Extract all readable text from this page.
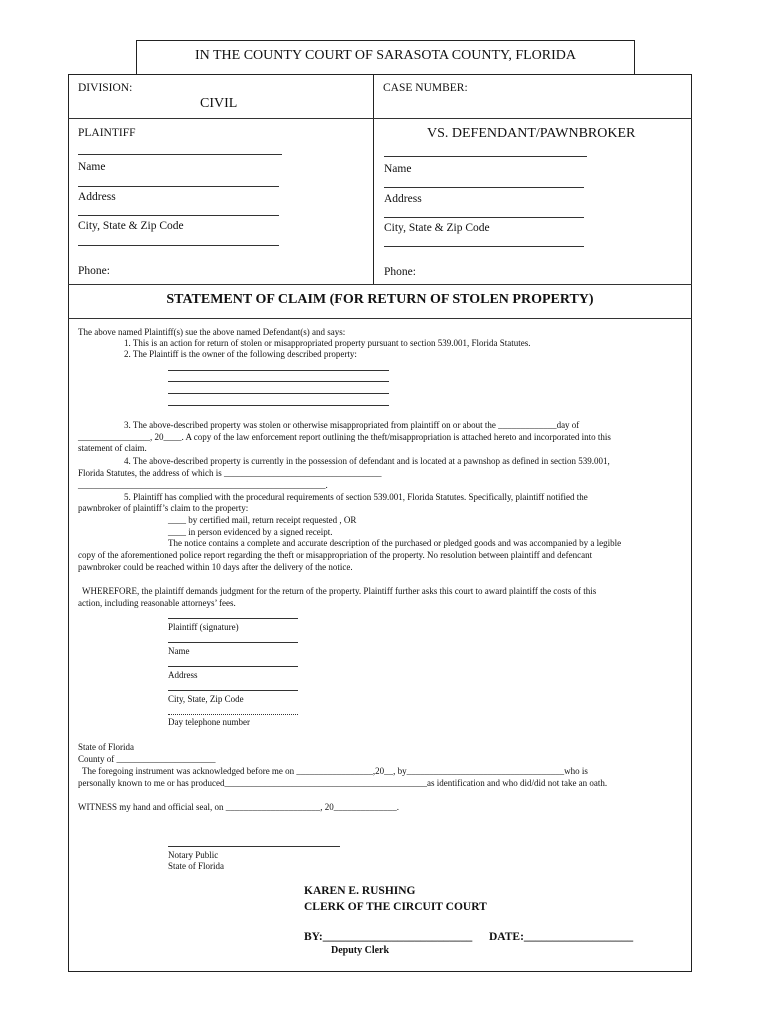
IN THE COUNTY COURT OF SARASOTA COUNTY, FLORIDA
DIVISION:
CIVIL
CASE NUMBER:
PLAINTIFF
Name
Address
City, State & Zip Code
Phone:
VS. DEFENDANT/PAWNBROKER
Name
Address
City, State & Zip Code
Phone:
STATEMENT OF CLAIM (FOR RETURN OF STOLEN PROPERTY)
The above named Plaintiff(s) sue the above named Defendant(s) and says:
1. This is an action for return of stolen or misappropriated property pursuant to section 539.001, Florida Statutes.
2. The Plaintiff is the owner of the following described property:
3. The above-described property was stolen or otherwise misappropriated from plaintiff on or about the _____________day of
________________, 20____. A copy of the law enforcement report outlining the theft/misappropriation is attached hereto and incorporated into this
statement of claim.
4. The above-described property is currently in the possession of defendant and is located at a pawnshop as defined in section 539.001,
Florida Statutes, the address of which is ___________________________________
_______________________________________________________.
5. Plaintiff has complied with the procedural requirements of section 539.001, Florida Statutes. Specifically, plaintiff notified the
pawnbroker of plaintiff’s claim to the property:
____ by certified mail, return receipt requested , OR
____ in person evidenced by a signed receipt.
The notice contains a complete and accurate description of the purchased or pledged goods and was accompanied by a legible
copy of the aforementioned police report regarding the theft or misappropriation of the property. No resolution between plaintiff and defencant
pawnbroker could be reached within 10 days after the delivery of the notice.
WHEREFORE, the plaintiff demands judgment for the return of the property. Plaintiff further asks this court to award plaintiff the costs of this
action, including reasonable attorneys’ fees.
Plaintiff (signature)
Name
Address
City, State, Zip Code
Day telephone number
State of Florida
County of ______________________
The foregoing instrument was acknowledged before me on _________________,20__, by___________________________________who is
personally known to me or has produced_____________________________________________as identification and who did/did not take an oath.
WITNESS my hand and official seal, on _____________________, 20______________.
Notary Public
State of Florida
KAREN E. RUSHING
CLERK OF THE CIRCUIT COURT
BY:__________________________ DATE:___________________
Deputy Clerk
